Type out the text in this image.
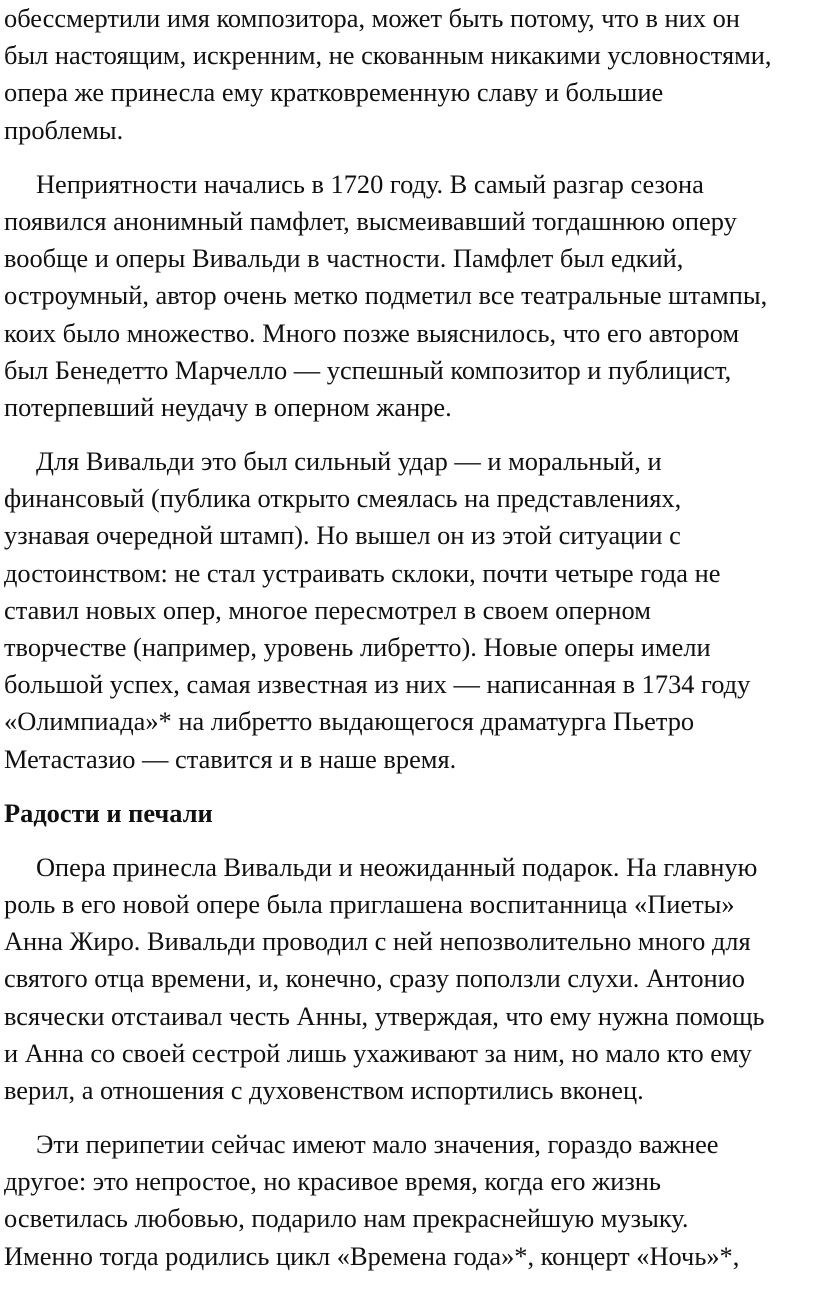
обессмертили имя композитора, может быть потому, что в них он
был настоящим, искренним, не скованным никакими условностями,
опера же принесла ему кратковременную славу и большие
проблемы.
Неприятности начались в 1720 году. В самый разгар сезона
появился анонимный памфлет, высмеивавший тогдашнюю оперу
вообще и оперы Вивальди в частности. Памфлет был едкий,
остроумный, автор очень метко подметил все театральные штампы,
коих было множество. Много позже выяснилось, что его автором
был Бенедетто Марчелло — успешный композитор и публицист,
потерпевший неудачу в оперном жанре.
Для Вивальди это был сильный удар — и моральный, и
финансовый (публика открыто смеялась на представлениях,
узнавая очередной штамп). Но вышел он из этой ситуации с
достоинством: не стал устраивать склоки, почти четыре года не
ставил новых опер, многое пересмотрел в своем оперном
творчестве (например, уровень либретто). Новые оперы имели
большой успех, самая известная из них — написанная в 1734 году
«Олимпиада»* на либретто выдающегося драматурга Пьетро
Метастазио — ставится и в наше время.
Радости и печали
Опера принесла Вивальди и неожиданный подарок. На главную
роль в его новой опере была приглашена воспитанница «Пиеты»
Анна Жиро. Вивальди проводил с ней непозволительно много для
святого отца времени, и, конечно, сразу поползли слухи. Антонио
всячески отстаивал честь Анны, утверждая, что ему нужна помощь
и Анна со своей сестрой лишь ухаживают за ним, но мало кто ему
верил, а отношения с духовенством испортились вконец.
Эти перипетии сейчас имеют мало значения, гораздо важнее
другое: это непростое, но красивое время, когда его жизнь
осветилась любовью, подарило нам прекраснейшую музыку.
Именно тогда родились цикл «Времена года»*, концерт «Ночь»*,
